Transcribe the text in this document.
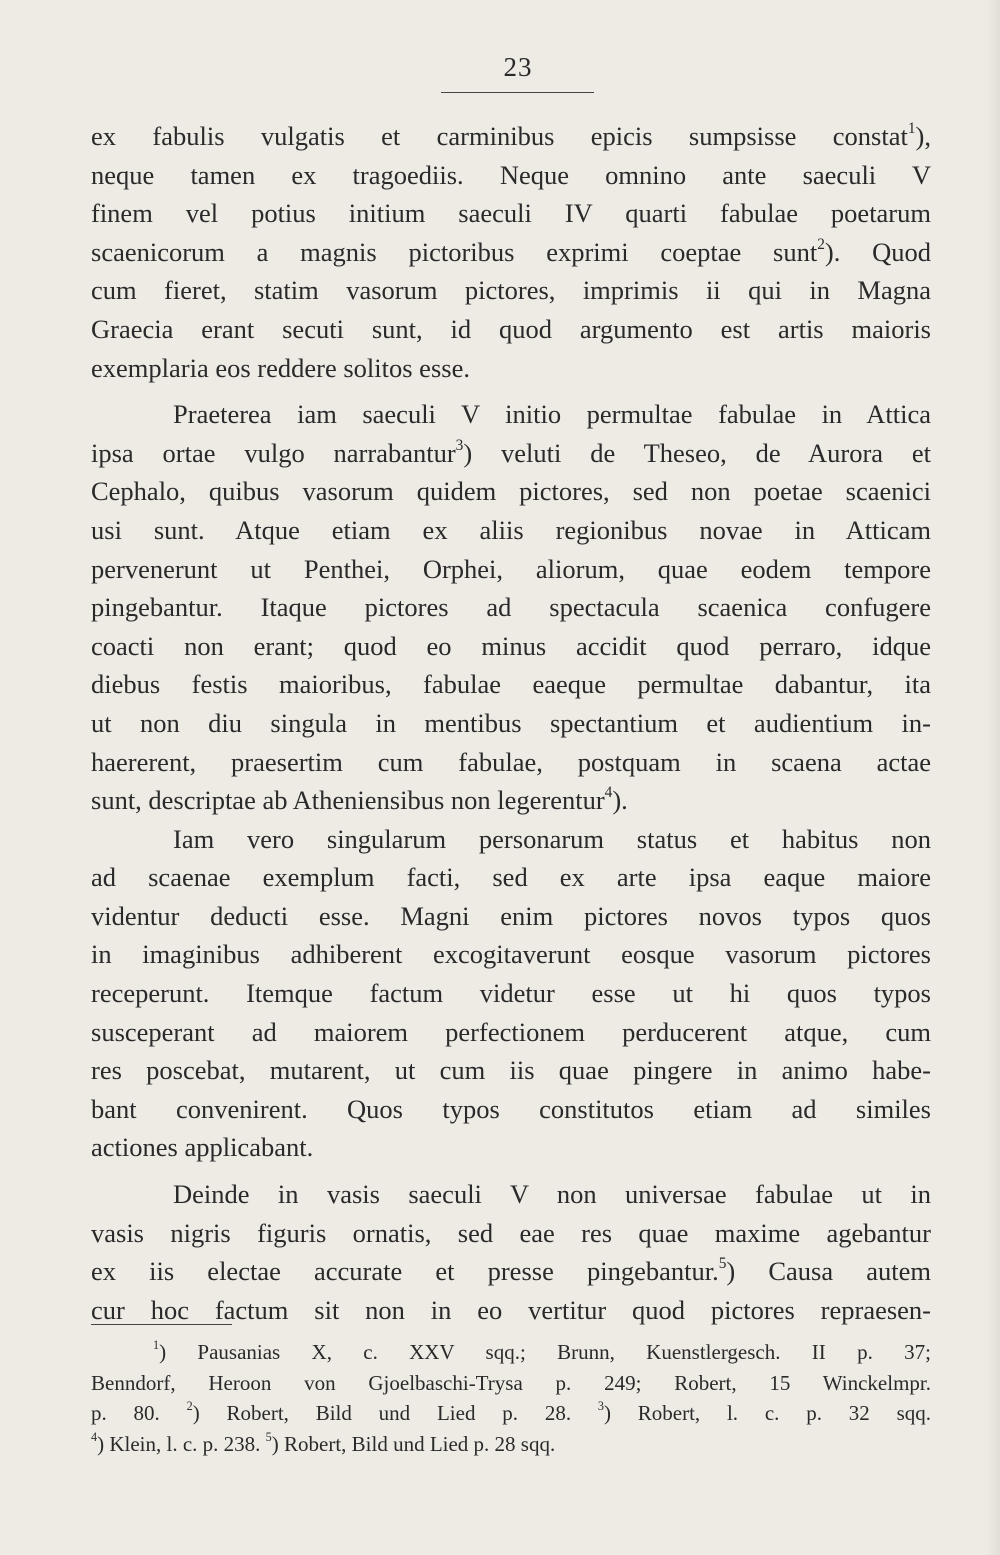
23
ex fabulis vulgatis et carminibus epicis sumpsisse constat$^1$),
neque tamen ex tragoediis. Neque omnino ante saeculi V
finem vel potius initium saeculi IV quarti fabulae poetarum
scaenicorum a magnis pictoribus exprimi coeptae sunt$^2$). Quod
cum fieret, statim vasorum pictores, imprimis ii qui in Magna
Graecia erant secuti sunt, id quod argumento est artis maioris
exemplaria eos reddere solitos esse.
Praeterea iam saeculi V initio permultae fabulae in Attica
ipsa ortae vulgo narrabantur$^3$) veluti de Theseo, de Aurora et
Cephalo, quibus vasorum quidem pictores, sed non poetae scaenici
usi sunt. Atque etiam ex aliis regionibus novae in Atticam
pervenerunt ut Penthei, Orphei, aliorum, quae eodem tempore
pingebantur. Itaque pictores ad spectacula scaenica confugere
coacti non erant; quod eo minus accidit quod perraro, idque
diebus festis maioribus, fabulae eaeque permultae dabantur, ita
ut non diu singula in mentibus spectantium et audientium in-
haererent, praesertim cum fabulae, postquam in scaena actae
sunt, descriptae ab Atheniensibus non legerentur$^4$).
Iam vero singularum personarum status et habitus non
ad scaenae exemplum facti, sed ex arte ipsa eaque maiore
videntur deducti esse. Magni enim pictores novos typos quos
in imaginibus adhiberent excogitaverunt eosque vasorum pictores
receperunt. Itemque factum videtur esse ut hi quos typos
susceperant ad maiorem perfectionem perducerent atque, cum
res poscebat, mutarent, ut cum iis quae pingere in animo habe-
bant convenirent. Quos typos constitutos etiam ad similes
actiones applicabant.
Deinde in vasis saeculi V non universae fabulae ut in
vasis nigris figuris ornatis, sed eae res quae maxime agebantur
ex iis electae accurate et presse pingebantur.$^5$) Causa autem
cur hoc factum sit non in eo vertitur quod pictores repraesen-
$^1$) Pausanias X, c. XXV sqq.; Brunn, Kuenstlergesch. II p. 37;
Benndorf, Heroon von Gjoelbaschi-Trysa p. 249; Robert, 15 Winckelmpr.
p. 80. $^2$) Robert, Bild und Lied p. 28. $^3$) Robert, l. c. p. 32 sqq.
$^4$) Klein, l. c. p. 238. $^5$) Robert, Bild und Lied p. 28 sqq.
